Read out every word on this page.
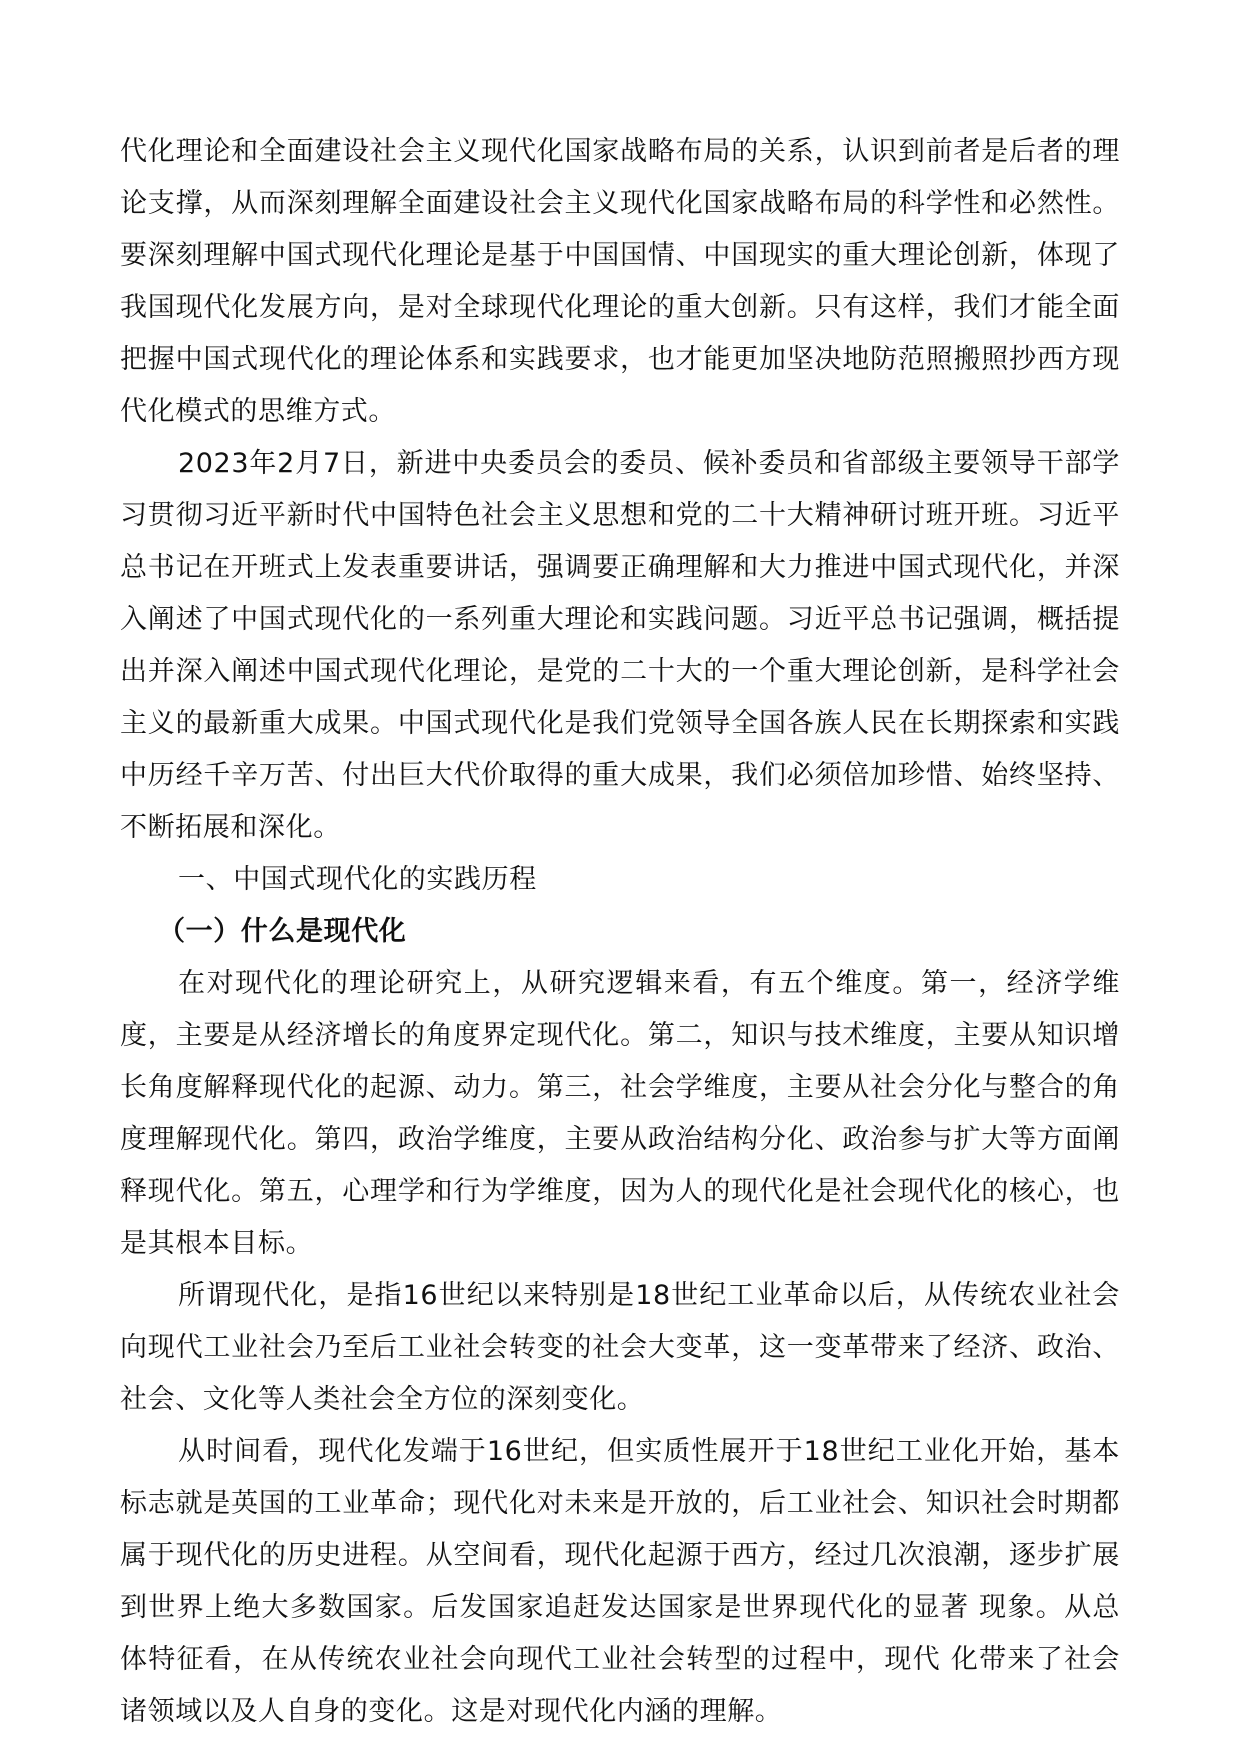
代化理论和全面建设社会主义现代化国家战略布局的关系，认识到前者是后者的理论支撑，从而深刻理解全面建设社会主义现代化国家战略布局的科学性和必然性。要深刻理解中国式现代化理论是基于中国国情、中国现实的重大理论创新，体现了我国现代化发展方向，是对全球现代化理论的重大创新。只有这样，我们才能全面把握中国式现代化的理论体系和实践要求，也才能更加坚决地防范照搬照抄西方现代化模式的思维方式。

2023年2月7日，新进中央委员会的委员、候补委员和省部级主要领导干部学习贯彻习近平新时代中国特色社会主义思想和党的二十大精神研讨班开班。习近平总书记在开班式上发表重要讲话，强调要正确理解和大力推进中国式现代化，并深入阐述了中国式现代化的一系列重大理论和实践问题。习近平总书记强调，概括提出并深入阐述中国式现代化理论，是党的二十大的一个重大理论创新，是科学社会主义的最新重大成果。中国式现代化是我们党领导全国各族人民在长期探索和实践中历经千辛万苦、付出巨大代价取得的重大成果，我们必须倍加珍惜、始终坚持、不断拓展和深化。

一、中国式现代化的实践历程

（一）什么是现代化

在对现代化的理论研究上，从研究逻辑来看，有五个维度。第一，经济学维度，主要是从经济增长的角度界定现代化。第二，知识与技术维度，主要从知识增长角度解释现代化的起源、动力。第三，社会学维度，主要从社会分化与整合的角度理解现代化。第四，政治学维度，主要从政治结构分化、政治参与扩大等方面阐释现代化。第五，心理学和行为学维度，因为人的现代化是社会现代化的核心，也是其根本目标。

所谓现代化，是指16世纪以来特别是18世纪工业革命以后，从传统农业社会向现代工业社会乃至后工业社会转变的社会大变革，这一变革带来了经济、政治、社会、文化等人类社会全方位的深刻变化。

从时间看，现代化发端于16世纪，但实质性展开于18世纪工业化开始，基本标志就是英国的工业革命；现代化对未来是开放的，后工业社会、知识社会时期都属于现代化的历史进程。从空间看，现代化起源于西方，经过几次浪潮，逐步扩展到世界上绝大多数国家。后发国家追赶发达国家是世界现代化的显著 现象。从总体特征看，在从传统农业社会向现代工业社会转型的过程中，现代 化带来了社会诸领域以及人自身的变化。这是对现代化内涵的理解。
